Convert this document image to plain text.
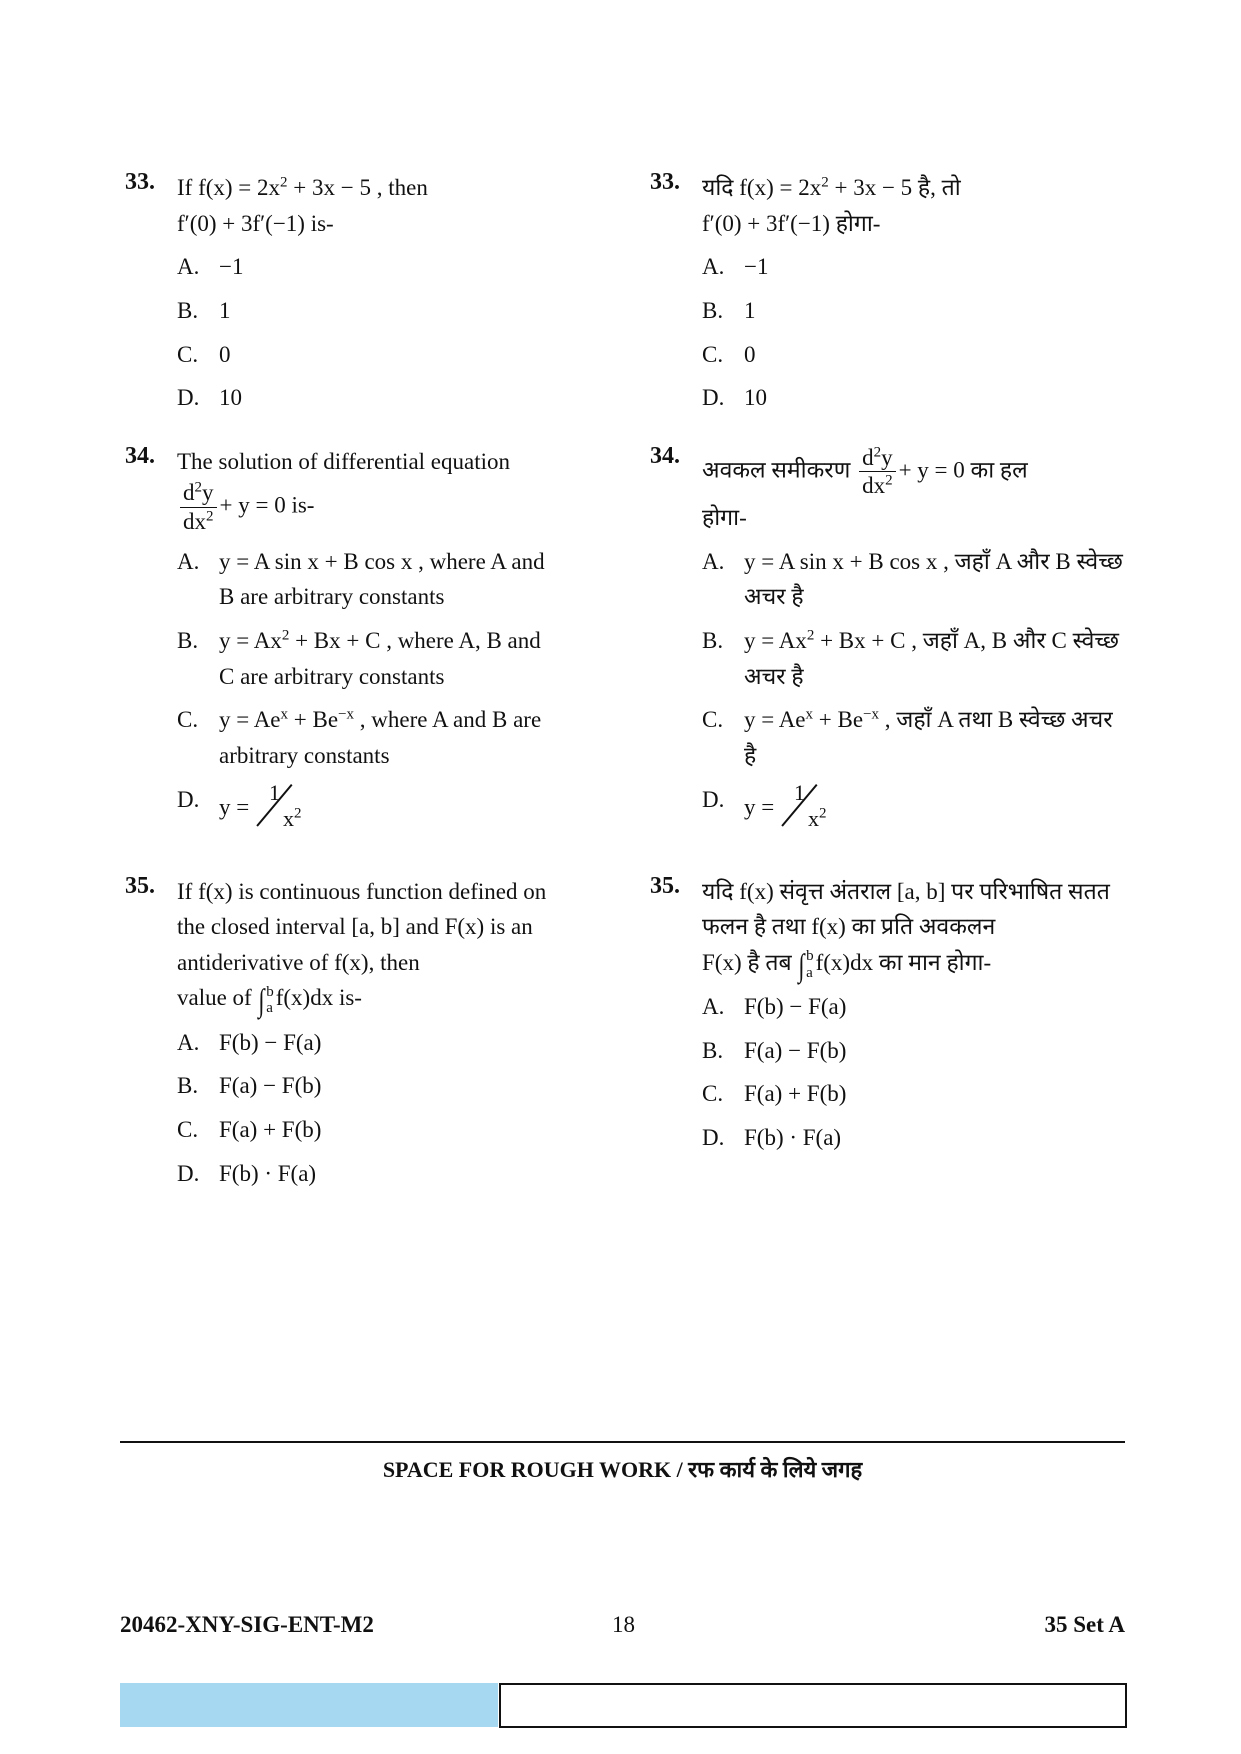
33. If $f(x) = 2x^2 + 3x - 5$ , then
f′(0) + 3f′(−1) is-
A. −1
B. 1
C. 0
D. 10
34. The solution of differential equation

$\frac{d^2y}{dx^2} + y = 0$ is-
A. y = A sin x + B cos x , where A and B are arbitrary constants
B. $y = Ax^2 + Bx + C$ , where A, B and C are arbitrary constants
C. $y = Ae^x + Be^{-x}$ , where A and B are arbitrary constants
D. y =
1
$x^2$
35. If f(x) is continuous function defined on the closed interval [a, b] and F(x) is an antiderivative of f(x), then
value of ∫ b
a f(x)dx is-
A. F(b) − F(a)
B. F(a) − F(b)
C. F(a) + F(b)
D. F(b) · F(a)
33. यदि $f(x) = 2x^2 + 3x - 5$ है, तो
f′(0) + 3f′(−1) होगा-
A. −1
B. 1
C. 0
D. 10
34.
अवकल समीकरण $\frac{d^2y}{dx^2} + y = 0$ का हल
होगा-
A. y = A sin x + B cos x , जहाँ A और B स्वेच्छ अचर है
B. $y = Ax^2 + Bx + C$ , जहाँ A, B और C स्वेच्छ अचर है
C. $y = Ae^x + Be^{-x}$ , जहाँ A तथा B स्वेच्छ अचर है
D. y =
1
$x^2$
35. यदि f(x) संवृत्त अंतराल [a, b] पर परिभाषित सतत फलन है तथा f(x) का प्रति अवकलन
F(x) है तब ∫ b
a f(x)dx का मान होगा-
A. F(b) − F(a)
B. F(a) − F(b)
C. F(a) + F(b)
D. F(b) · F(a)
SPACE FOR ROUGH WORK / रफ कार्य के लिये जगह
20462-XNY-SIG-ENT-M2	18	35 Set A
